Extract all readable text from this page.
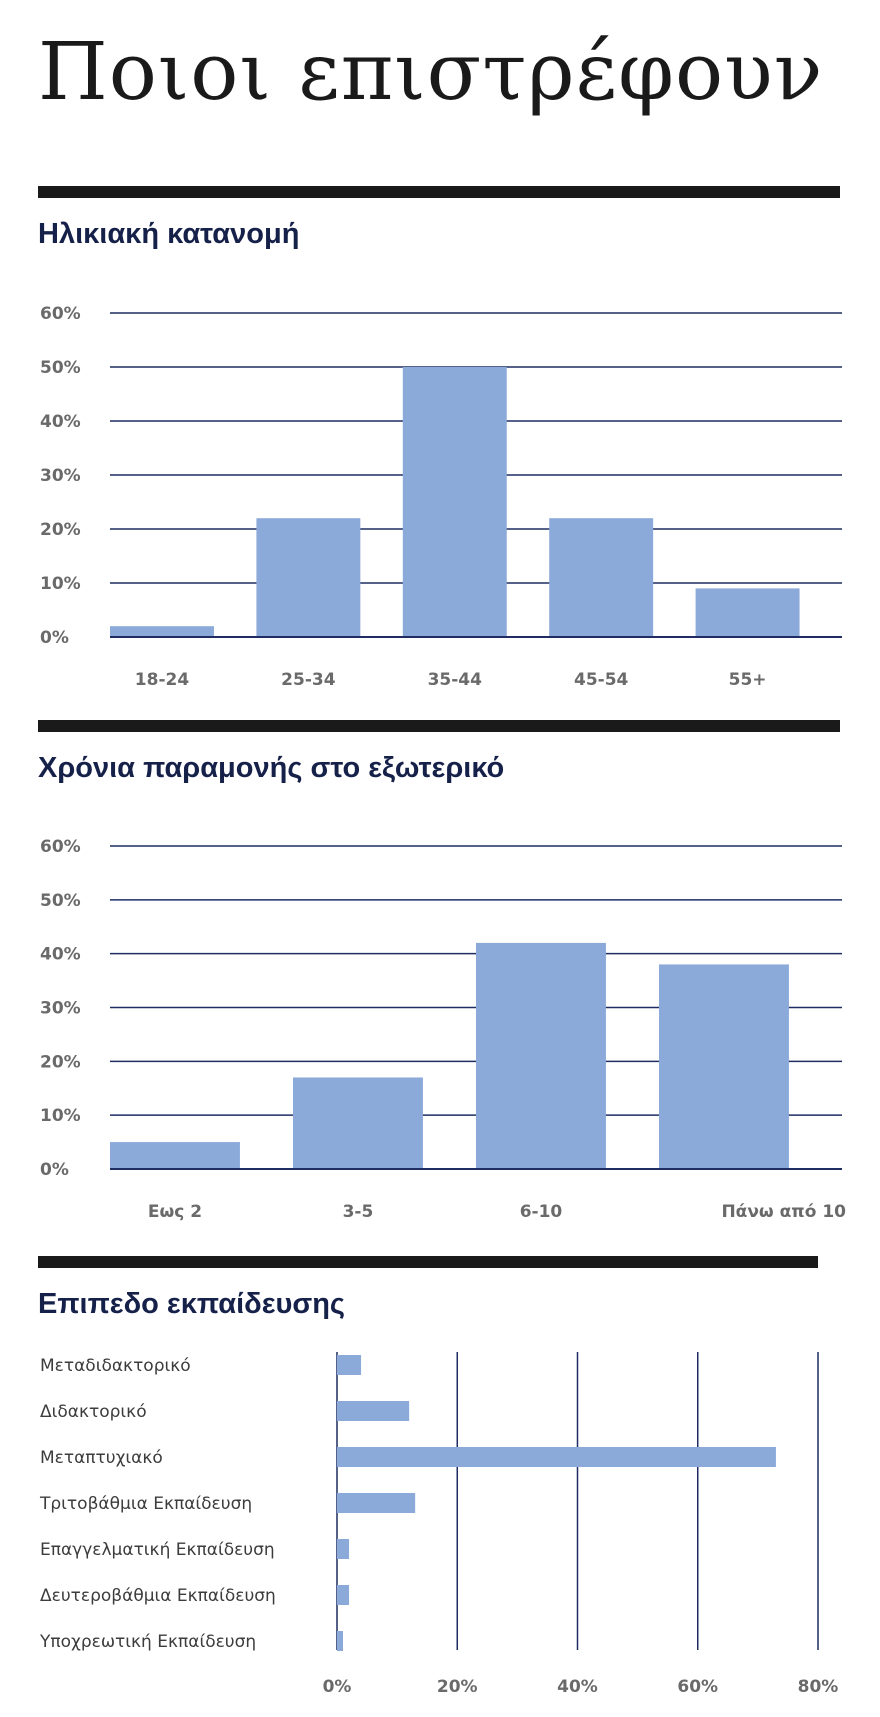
Ποιοι επιστρέφουν
Ηλικιακή κατανομή
0%
10%
20%
30%
40%
50%
60%
18-24	25-34	35-44	45-54	55+
Χρόνια παραμονής στο εξωτερικό
0%
10%
20%
30%
40%
50%
60%
Εως 2	3-5	6-10	Πάνω από 10
Επιπεδο εκπαίδευσης
0%	20%	40%	60%	80%
Μεταδιδακτορικό
Διδακτορικό
Μεταπτυχιακό
Τριτοβάθμια Εκπαίδευση
Επαγγελματική Εκπαίδευση
Δευτεροβάθμια Εκπαίδευση
Υποχρεωτική Εκπαίδευση
